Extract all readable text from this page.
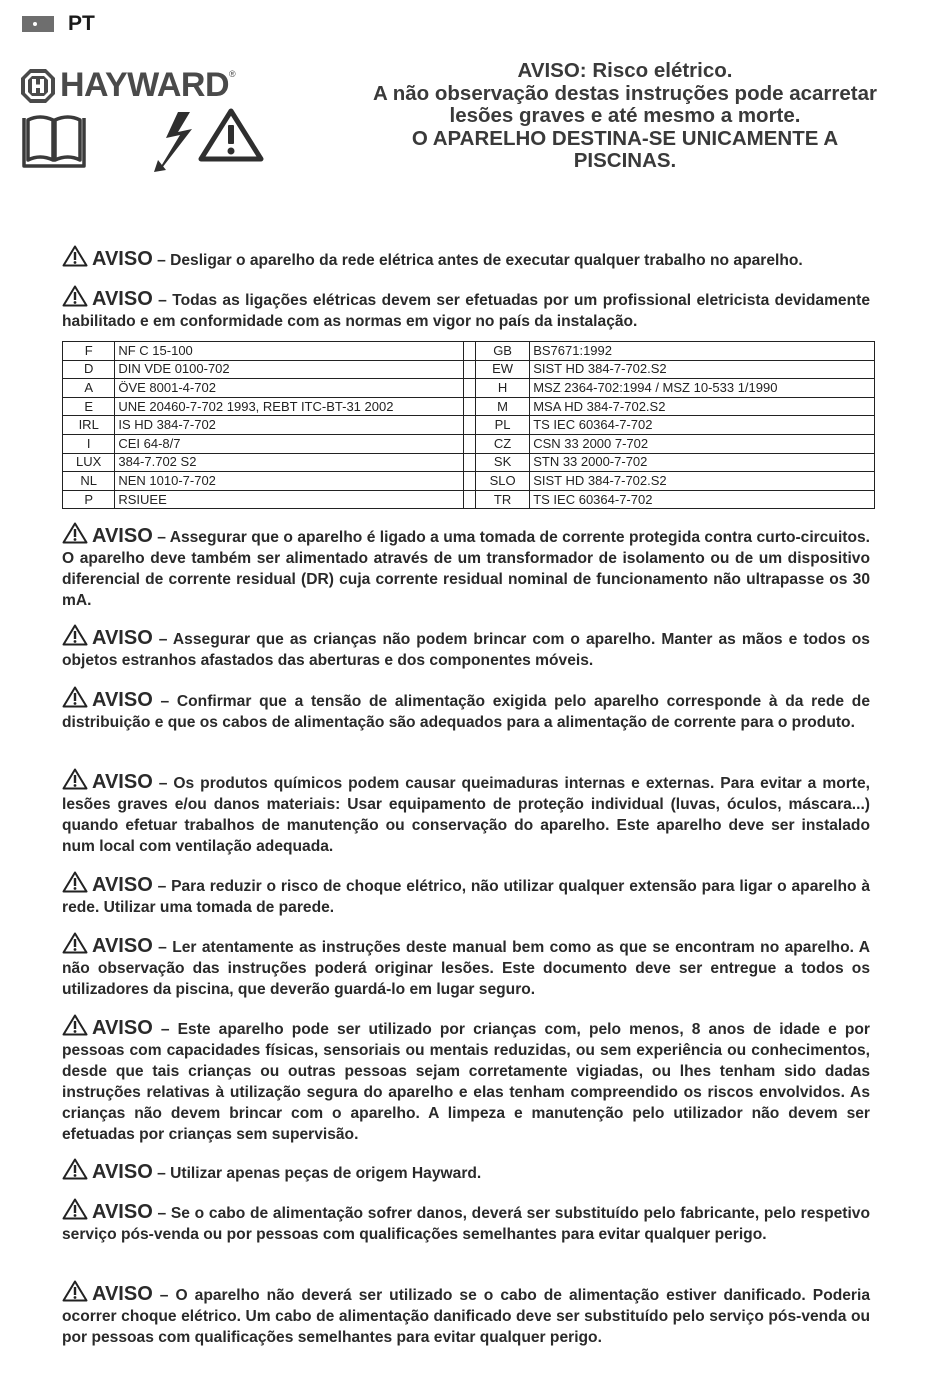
PT
HAYWARD ®	AVISO: Risco elétrico.
A não observação destas instruções pode acarretar
lesões graves e até mesmo a morte.
O APARELHO DESTINA-SE UNICAMENTE A
PISCINAS.
AVISO – Desligar o aparelho da rede elétrica antes de executar qualquer trabalho no aparelho.
AVISO – Todas as ligações elétricas devem ser efetuadas por um profissional eletricista devidamente habilitado e em conformidade com as normas em vigor no país da instalação.
F	NF C 15-100		GB	BS7671:1992
D	DIN VDE 0100-702		EW	SIST HD 384-7-702.S2
A	ÖVE 8001-4-702		H	MSZ 2364-702:1994 / MSZ 10-533 1/1990
E	UNE 20460-7-702 1993, REBT ITC-BT-31 2002		M	MSA HD 384-7-702.S2
IRL	IS HD 384-7-702		PL	TS IEC 60364-7-702
I	CEI 64-8/7		CZ	CSN 33 2000 7-702
LUX	384-7.702 S2		SK	STN 33 2000-7-702
NL	NEN 1010-7-702		SLO	SIST HD 384-7-702.S2
P	RSIUEE		TR	TS IEC 60364-7-702
AVISO – Assegurar que o aparelho é ligado a uma tomada de corrente protegida contra curto-circuitos. O aparelho deve também ser alimentado através de um transformador de isolamento ou de um dispositivo diferencial de corrente residual (DR) cuja corrente residual nominal de funcionamento não ultrapasse os 30 mA.
AVISO – Assegurar que as crianças não podem brincar com o aparelho. Manter as mãos e todos os objetos estranhos afastados das aberturas e dos componentes móveis.
AVISO – Confirmar que a tensão de alimentação exigida pelo aparelho corresponde à da rede de distribuição e que os cabos de alimentação são adequados para a alimentação de corrente para o produto.
AVISO – Os produtos químicos podem causar queimaduras internas e externas. Para evitar a morte, lesões graves e/ou danos materiais: Usar equipamento de proteção individual (luvas, óculos, máscara...) quando efetuar trabalhos de manutenção ou conservação do aparelho. Este aparelho deve ser instalado num local com ventilação adequada.
AVISO – Para reduzir o risco de choque elétrico, não utilizar qualquer extensão para ligar o aparelho à rede. Utilizar uma tomada de parede.
AVISO – Ler atentamente as instruções deste manual bem como as que se encontram no aparelho. A não observação das instruções poderá originar lesões. Este documento deve ser entregue a todos os utilizadores da piscina, que deverão guardá-lo em lugar seguro.
AVISO – Este aparelho pode ser utilizado por crianças com, pelo menos, 8 anos de idade e por pessoas com capacidades físicas, sensoriais ou mentais reduzidas, ou sem experiência ou conhecimentos, desde que tais crianças ou outras pessoas sejam corretamente vigiadas, ou lhes tenham sido dadas instruções relativas à utilização segura do aparelho e elas tenham compreendido os riscos envolvidos. As crianças não devem brincar com o aparelho. A limpeza e manutenção pelo utilizador não devem ser efetuadas por crianças sem supervisão.
AVISO – Utilizar apenas peças de origem Hayward.
AVISO – Se o cabo de alimentação sofrer danos, deverá ser substituído pelo fabricante, pelo respetivo serviço pós-venda ou por pessoas com qualificações semelhantes para evitar qualquer perigo.
AVISO – O aparelho não deverá ser utilizado se o cabo de alimentação estiver danificado. Poderia ocorrer choque elétrico. Um cabo de alimentação danificado deve ser substituído pelo serviço pós-venda ou por pessoas com qualificações semelhantes para evitar qualquer perigo.
